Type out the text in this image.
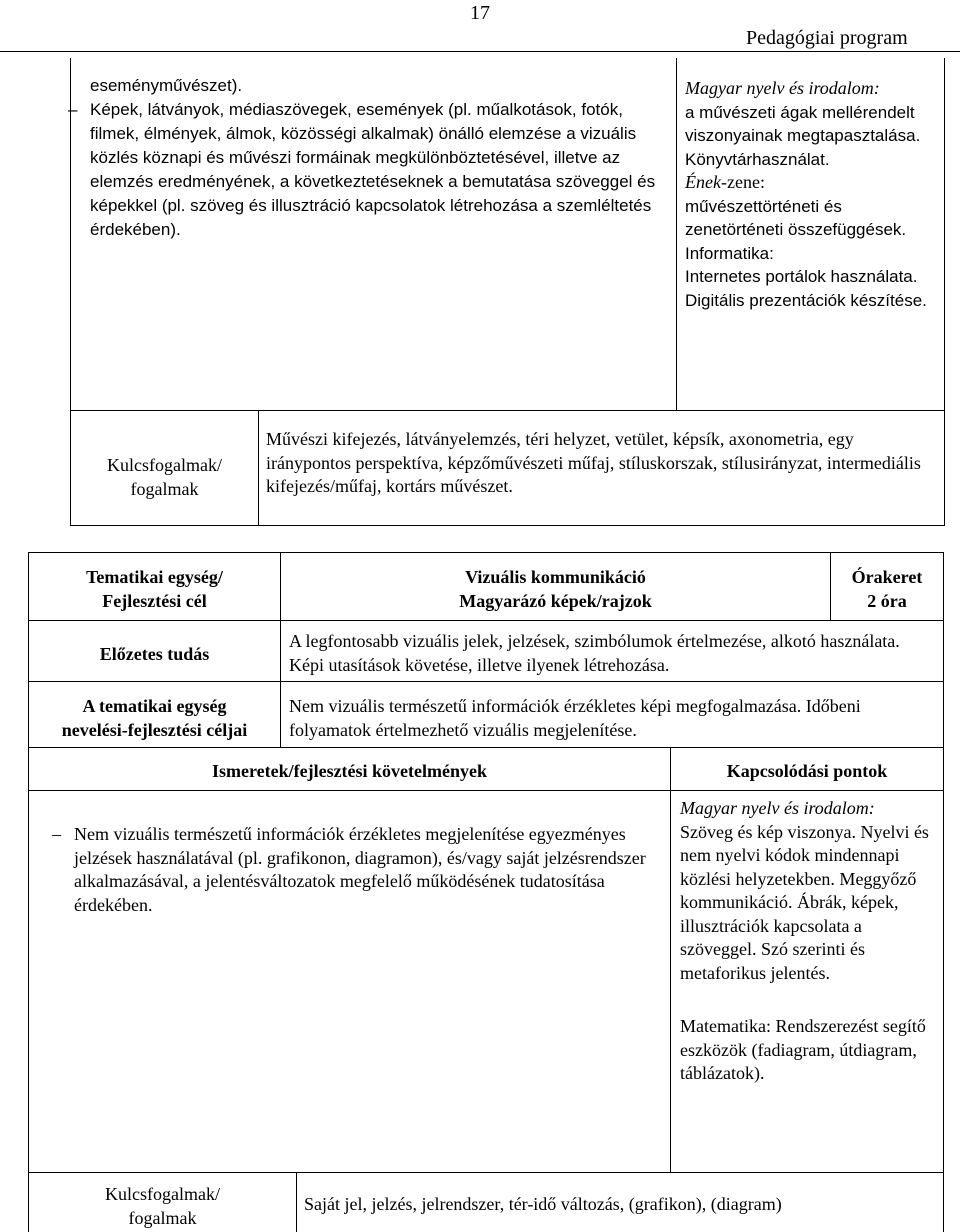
17
Pedagógiai program

eseményművészet).

– Képek, látványok, médiaszövegek, események (pl. műalkotások, fotók, filmek, élmények, álmok, közösségi alkalmak) önálló elemzése a vizuális közlés köznapi és művészi formáinak megkülönböztetésével, illetve az elemzés eredményének, a következtetéseknek a bemutatása szöveggel és képekkel (pl. szöveg és illusztráció kapcsolatok létrehozása a szemléltetés érdekében).

Magyar nyelv és irodalom:

a művészeti ágak mellérendelt viszonyainak megtapasztalása. Könyvtárhasználat.

Ének-zene:

művészettörténeti és zenetörténeti összefüggések.

Informatika:

Internetes portálok használata. Digitális prezentációk készítése.

Kulcsfogalmak/

fogalmak

Művészi kifejezés, látványelemzés, téri helyzet, vetület, képsík, axonometria, egy iránypontos perspektíva, képzőművészeti műfaj, stíluskorszak, stílusirányzat, intermediális kifejezés/műfaj, kortárs művészet.

Tematikai egység/

Fejlesztési cél

Vizuális kommunikáció

Magyarázó képek/rajzok

Órakeret

2 óra

Előzetes tudás
A legfontosabb vizuális jelek, jelzések, szimbólumok értelmezése, alkotó használata. Képi utasítások követése, illetve ilyenek létrehozása.

A tematikai egység

nevelési-fejlesztési céljai

Nem vizuális természetű információk érzékletes képi megfogalmazása. Időbeni folyamatok értelmezhető vizuális megjelenítése.
Ismeretek/fejlesztési követelmények	Kapcsolódási pontok
– Nem vizuális természetű információk érzékletes megjelenítése egyezményes jelzések használatával (pl. grafikonon, diagramon), és/vagy saját jelzésrendszer alkalmazásával, a jelentésváltozatok megfelelő működésének tudatosítása érdekében.

Magyar nyelv és irodalom:

Szöveg és kép viszonya. Nyelvi és nem nyelvi kódok mindennapi közlési helyzetekben. Meggyőző kommunikáció. Ábrák, képek, illusztrációk kapcsolata a szöveggel. Szó szerinti és metaforikus jelentés.

Matematika: Rendszerezést segítő eszközök (fadiagram, útdiagram, táblázatok).

Kulcsfogalmak/

fogalmak

Saját jel, jelzés, jelrendszer, tér-idő változás, (grafikon), (diagram)
